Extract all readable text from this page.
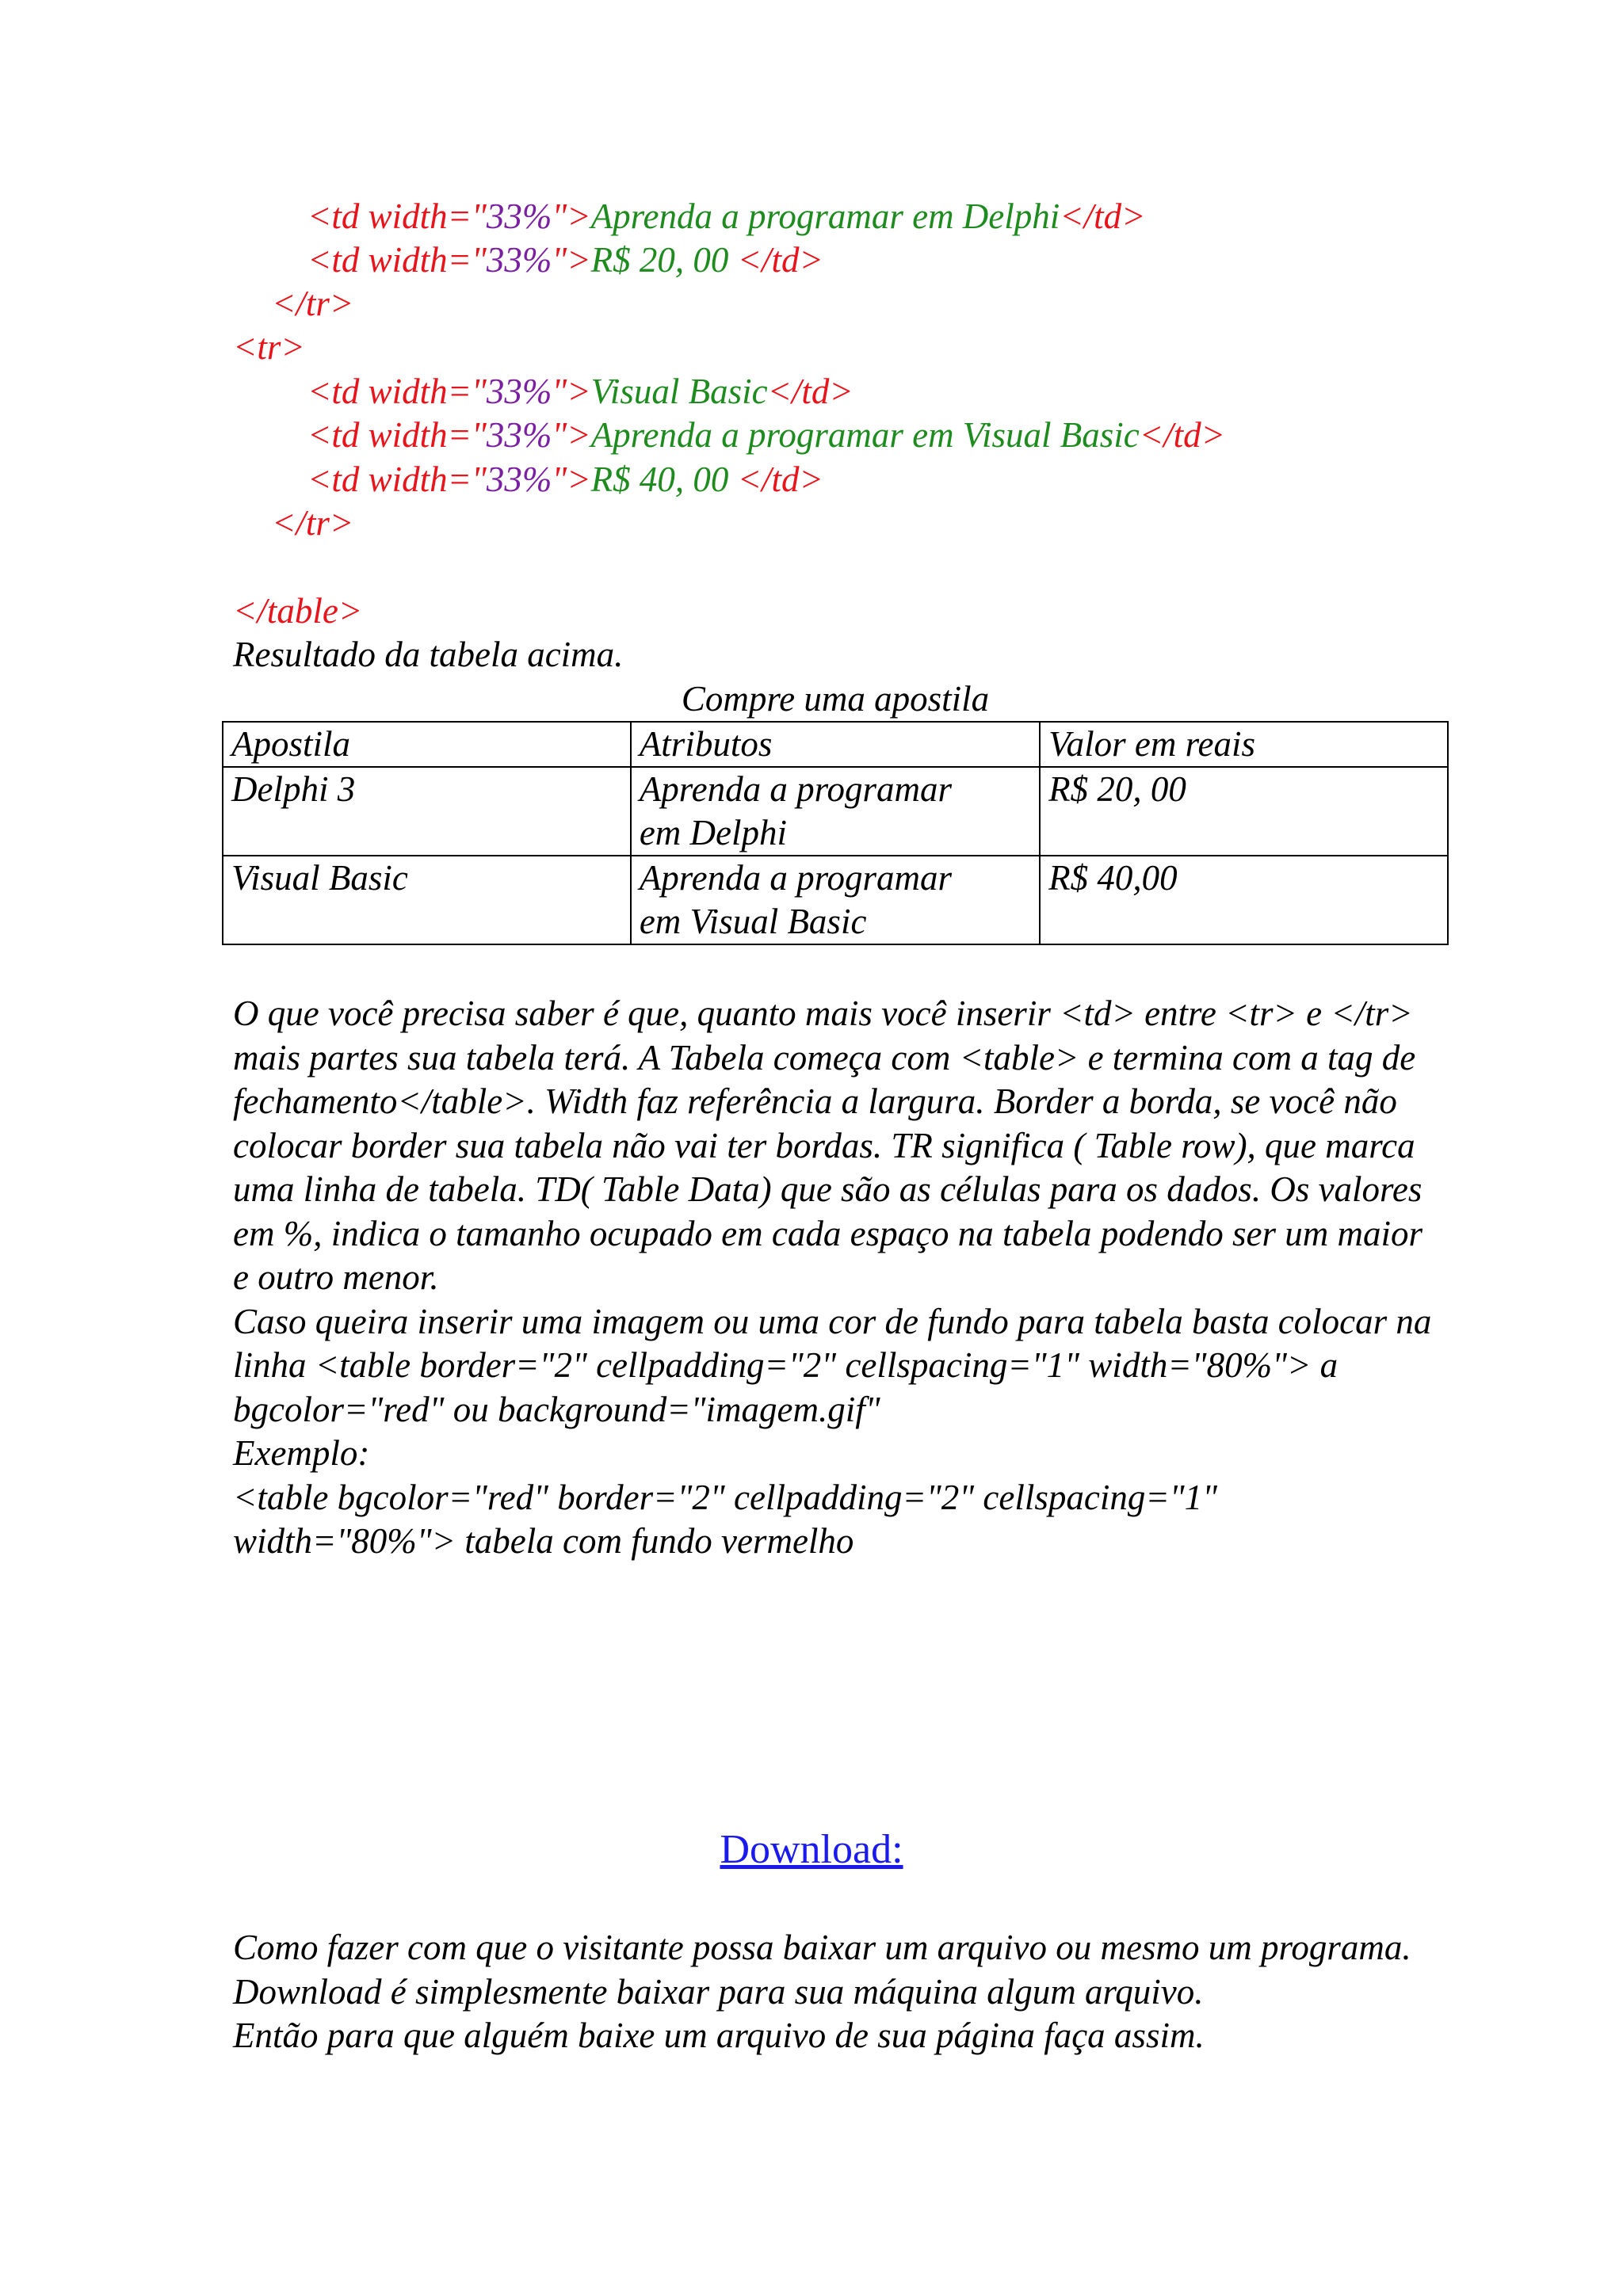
<td width="33%">Aprenda a programar em Delphi</td>
<td width="33%">R$ 20, 00 </td>
</tr>
<tr>
<td width="33%">Visual Basic</td>
<td width="33%">Aprenda a programar em Visual Basic</td>
<td width="33%">R$ 40, 00 </td>
</tr>
</table>
Resultado da tabela acima.
Compre uma apostila
Apostila	Atributos	Valor em reais
Delphi 3	Aprenda a programar em Delphi	R$ 20, 00
Visual Basic	Aprenda a programar em Visual Basic	R$ 40,00

O que você precisa saber é que, quanto mais você inserir <td> entre <tr> e </tr> mais partes sua tabela terá. A Tabela começa com <table> e termina com a tag de fechamento</table>. Width faz referência a largura. Border a borda, se você não colocar border sua tabela não vai ter bordas. TR significa ( Table row), que marca uma linha de tabela. TD( Table Data) que são as células para os dados. Os valores em %, indica o tamanho ocupado em cada espaço na tabela podendo ser um maior e outro menor.

Caso queira inserir uma imagem ou uma cor de fundo para tabela basta colocar na linha <table border="2" cellpadding="2" cellspacing="1" width="80%"> a bgcolor="red" ou background="imagem.gif"

Exemplo:

<table bgcolor="red" border="2" cellpadding="2" cellspacing="1" width="80%"> tabela com fundo vermelho

Download:

Como fazer com que o visitante possa baixar um arquivo ou mesmo um programa.

Download é simplesmente baixar para sua máquina algum arquivo.

Então para que alguém baixe um arquivo de sua página faça assim.
